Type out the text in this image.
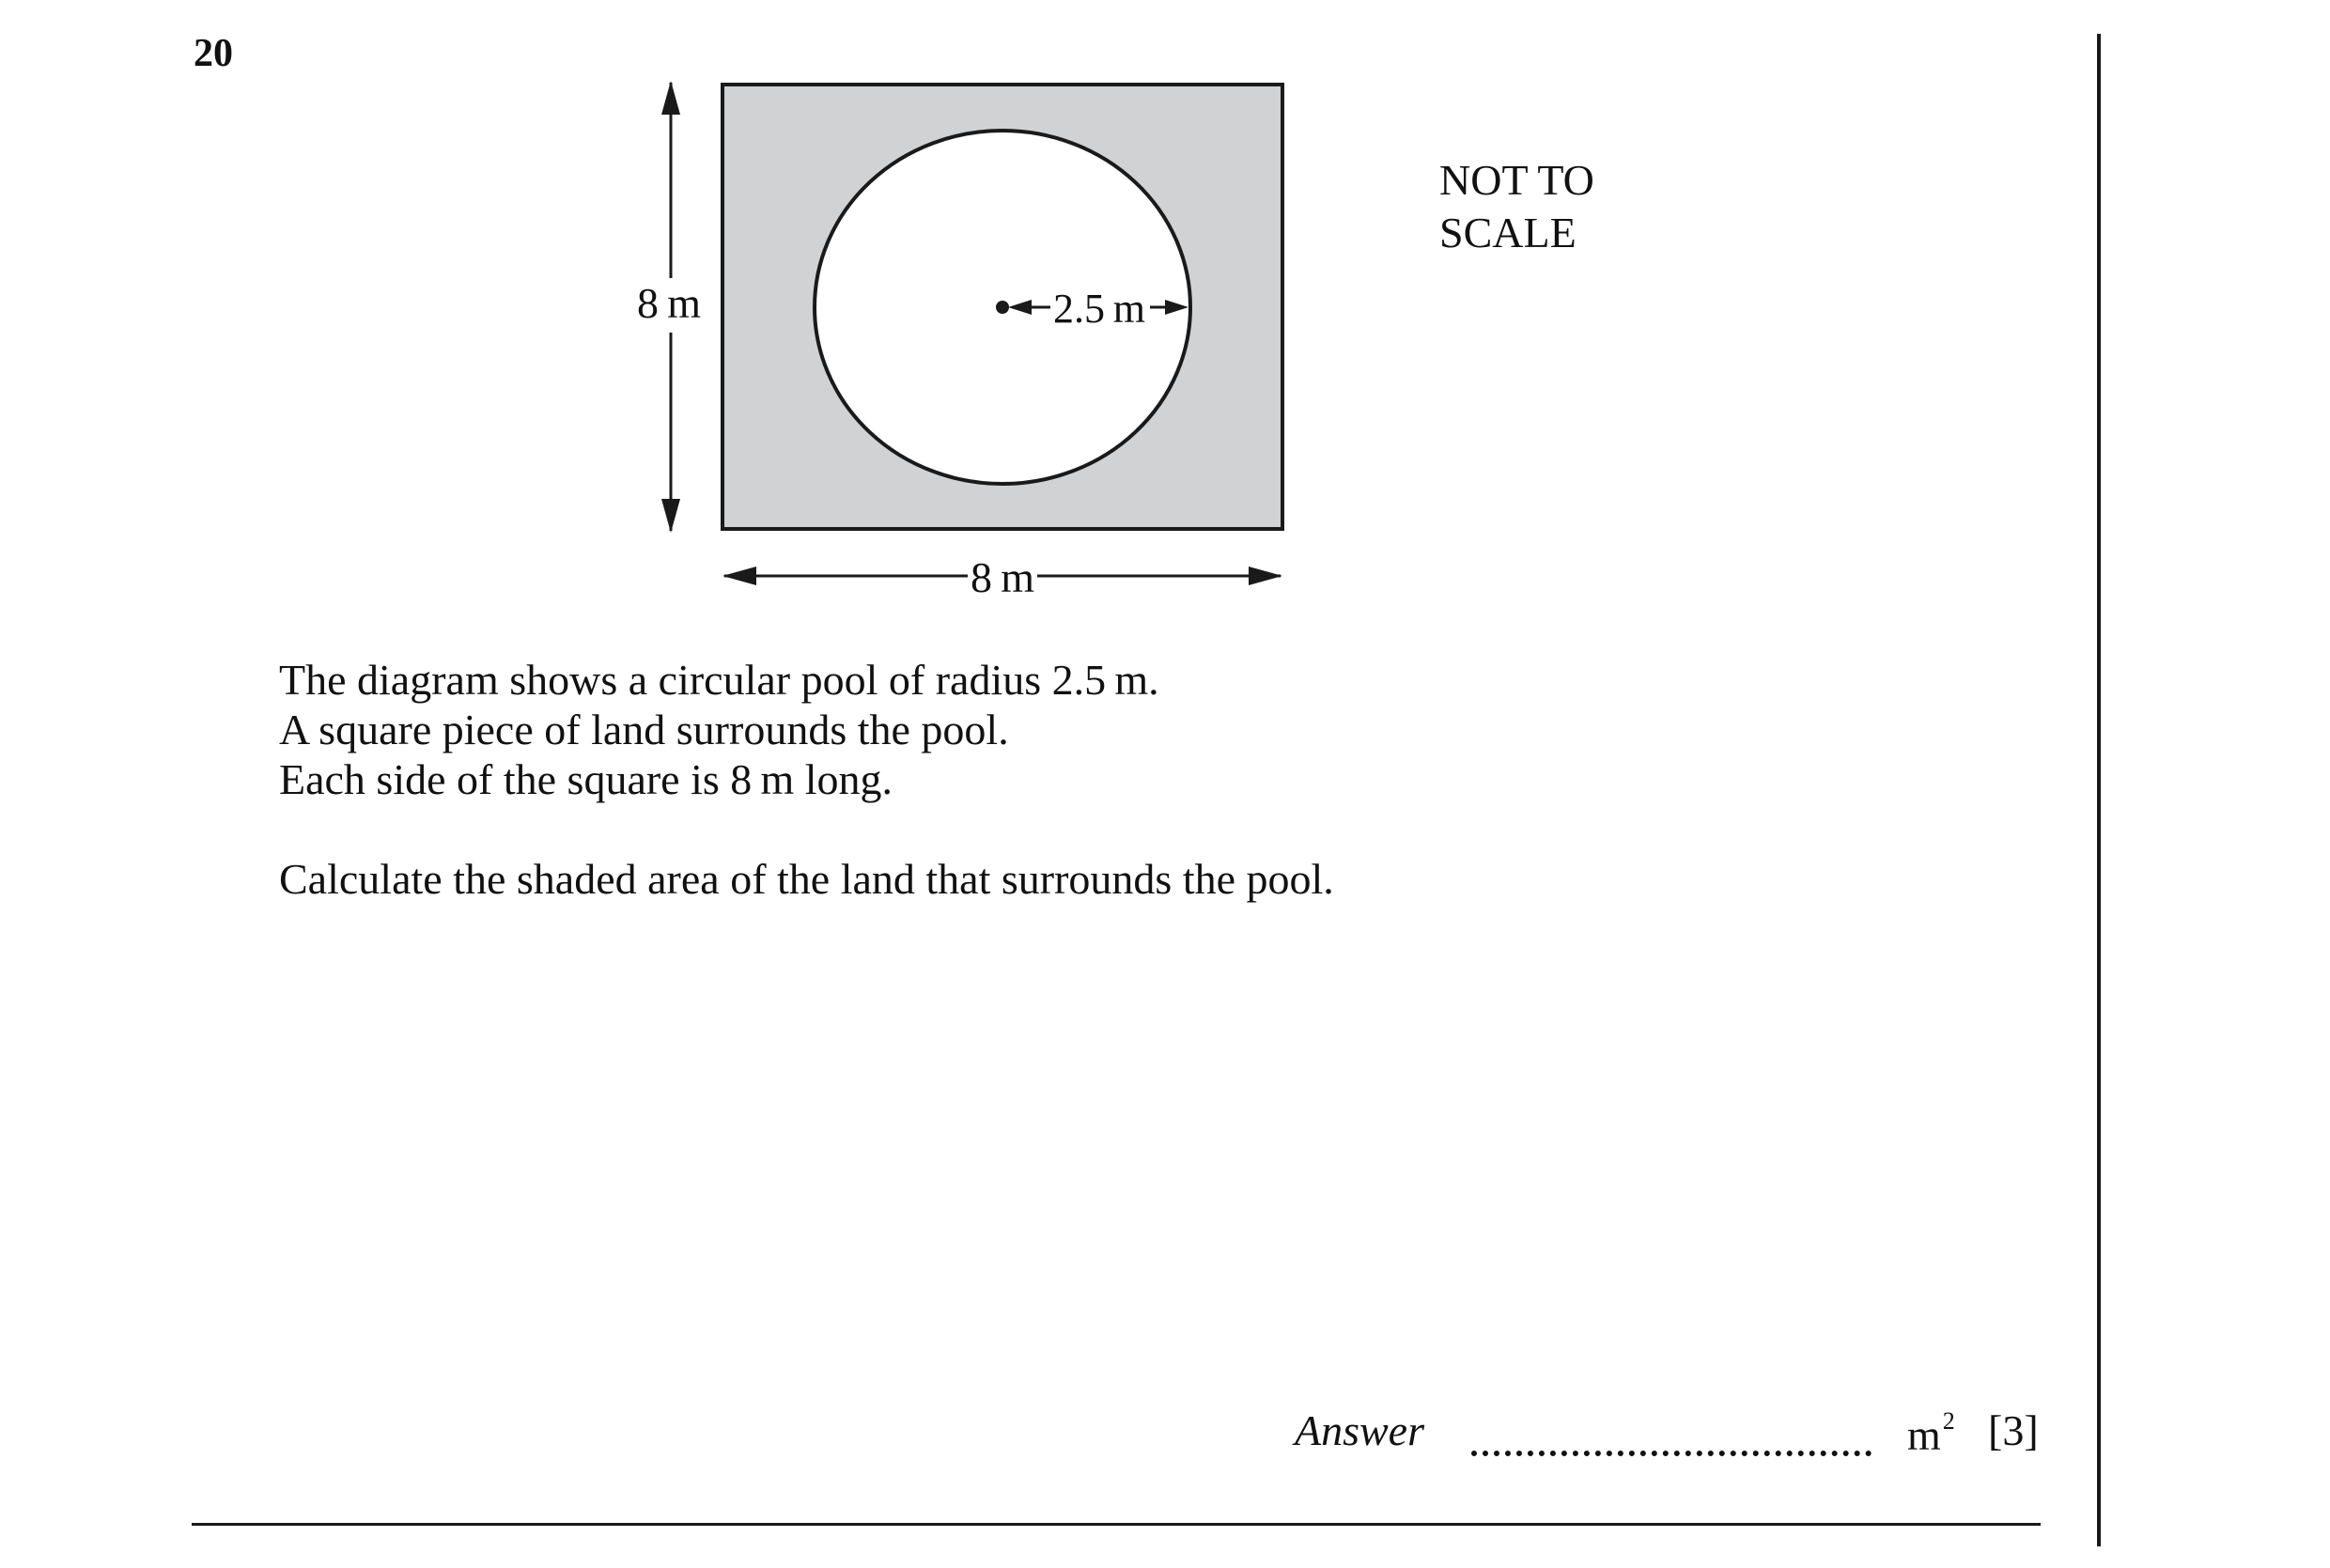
20
8 m
8 m
2.5 m
NOT TO
SCALE
The diagram shows a circular pool of radius 2.5 m.
A square piece of land surrounds the pool.
Each side of the square is 8 m long.
Calculate the shaded area of the land that surrounds the pool.
Answer	$m^2$ [3]
